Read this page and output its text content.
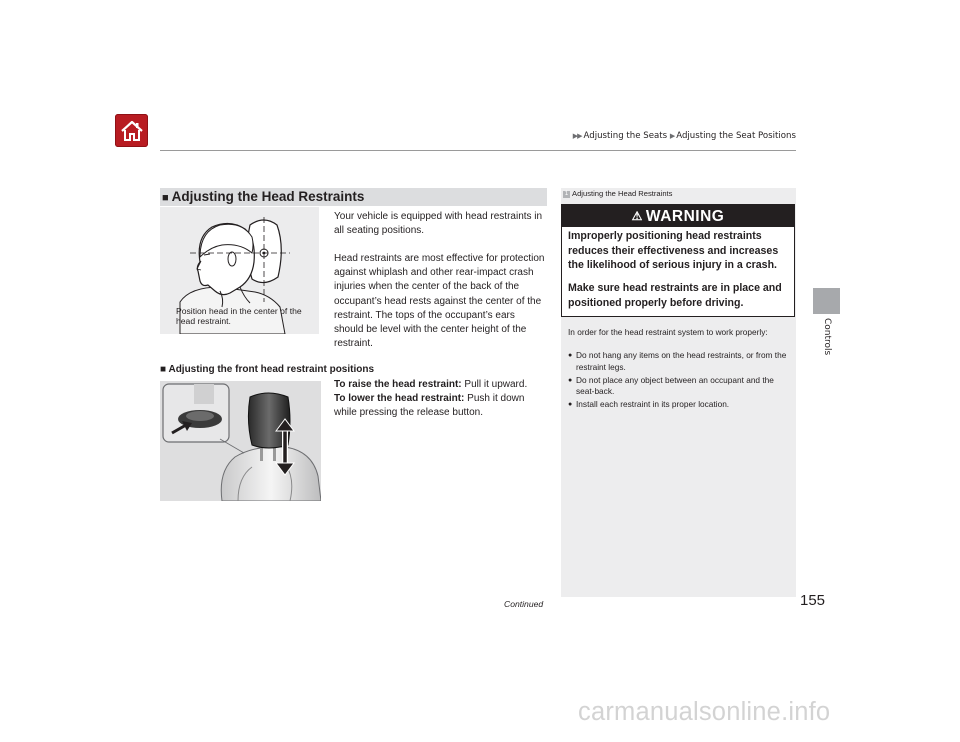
▶▶ Adjusting the Seats ▶ Adjusting the Seat Positions
Controls
■ Adjusting the Head Restraints
Position head in the center of the head restraint.
Your vehicle is equipped with head restraints in all seating positions.
Head restraints are most effective for protection against whiplash and other rear-impact crash injuries when the center of the back of the occupant’s head rests against the center of the restraint. The tops of the occupant’s ears should be level with the center height of the restraint.
■ Adjusting the front head restraint positions
To raise the head restraint: Pull it upward.
To lower the head restraint: Push it down
while pressing the release button.
1 Adjusting the Head Restraints
⚠ WARNING
Improperly positioning head restraints reduces their effectiveness and increases the likelihood of serious injury in a crash.
Make sure head restraints are in place and positioned properly before driving.
In order for the head restraint system to work properly:
● Do not hang any items on the head restraints, or from the restraint legs.
● Do not place any object between an occupant and the seat-back.
● Install each restraint in its proper location.
Continued	155
carmanualsonline.info
